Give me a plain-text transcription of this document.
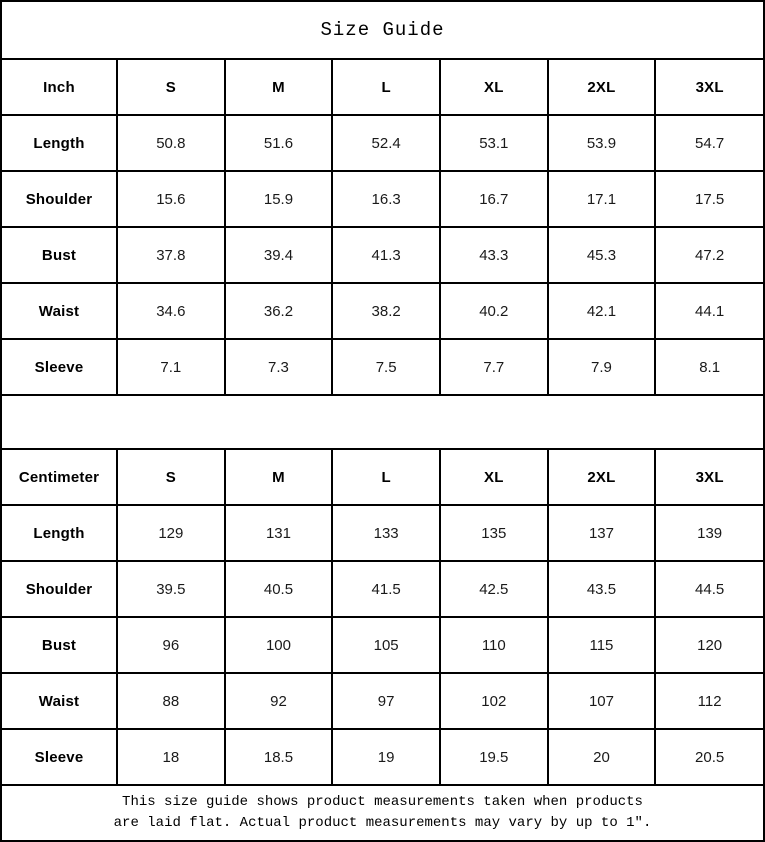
Size Guide
Inch	S	M	L	XL	2XL	3XL
Length	50.8	51.6	52.4	53.1	53.9	54.7
Shoulder	15.6	15.9	16.3	16.7	17.1	17.5
Bust	37.8	39.4	41.3	43.3	45.3	47.2
Waist	34.6	36.2	38.2	40.2	42.1	44.1
Sleeve	7.1	7.3	7.5	7.7	7.9	8.1
Centimeter	S	M	L	XL	2XL	3XL
Length	129	131	133	135	137	139
Shoulder	39.5	40.5	41.5	42.5	43.5	44.5
Bust	96	100	105	110	115	120
Waist	88	92	97	102	107	112
Sleeve	18	18.5	19	19.5	20	20.5
This size guide shows product measurements taken when products
are laid flat. Actual product measurements may vary by up to 1″.
